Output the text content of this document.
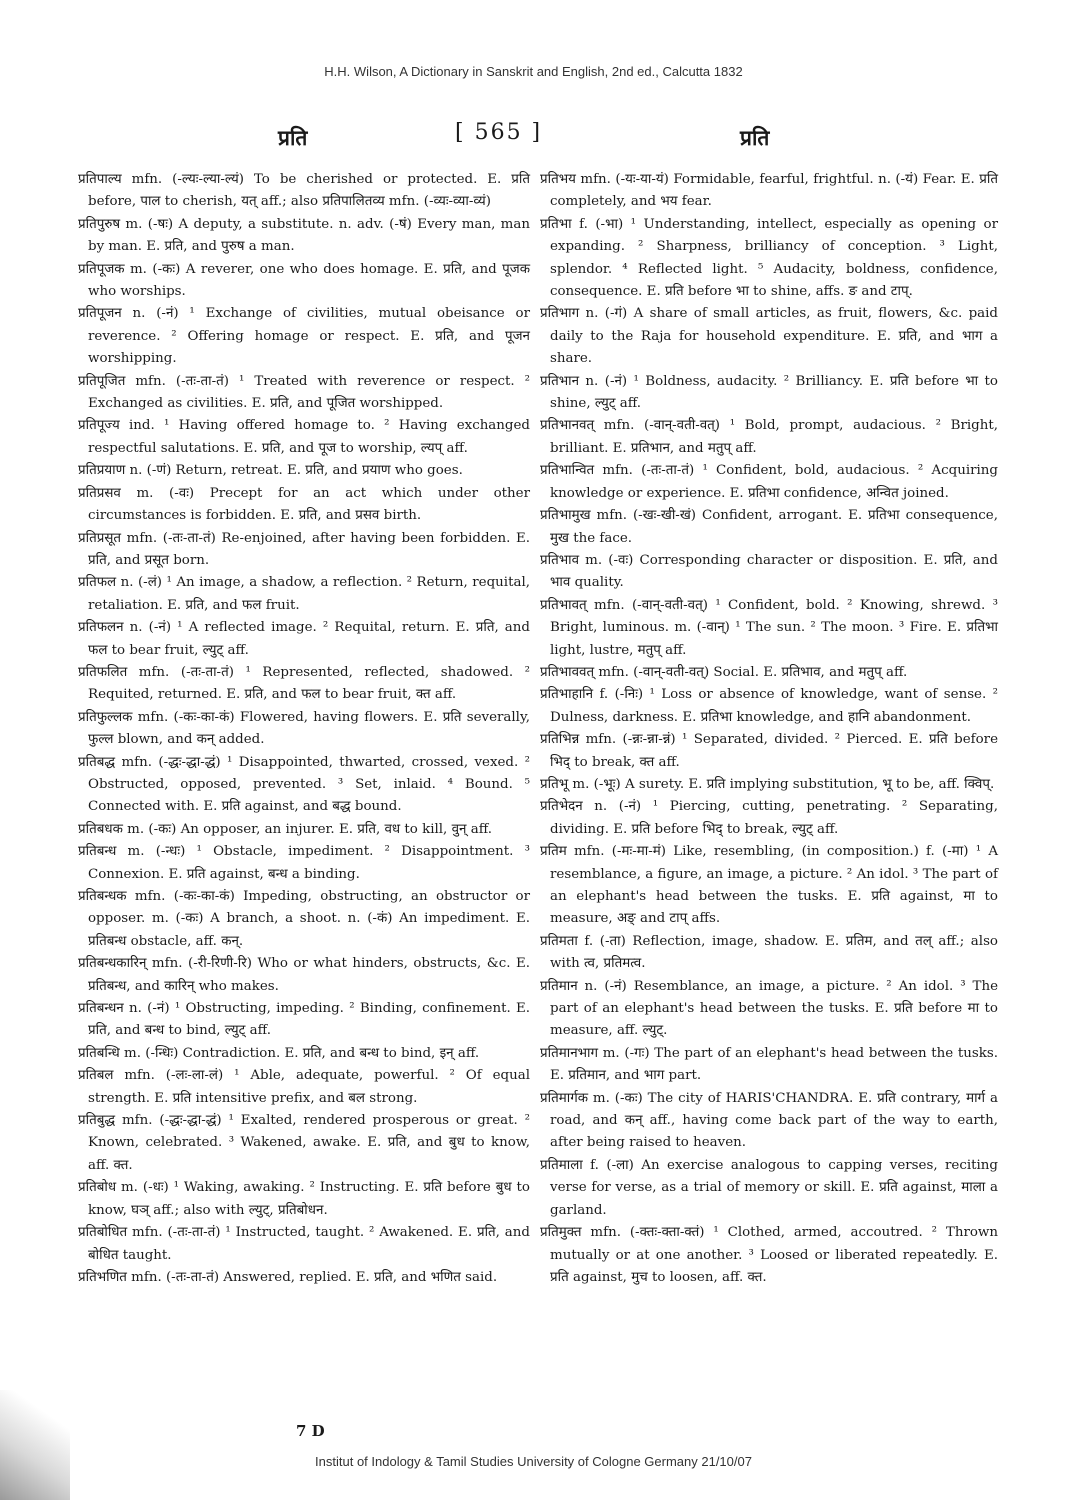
H.H. Wilson, A Dictionary in Sanskrit and English, 2nd ed., Calcutta 1832
प्रति	[ 565 ]	प्रति

प्रतिपाल्य mfn. (-ल्यः-ल्या-ल्यं) To be cherished or protected. E. प्रति before, पाल to cherish, यत् aff.; also प्रतिपालितव्य mfn. (-व्यः-व्या-व्यं)

प्रतिपुरुष m. (-षः) A deputy, a substitute. n. adv. (-षं) Every man, man by man. E. प्रति, and पुरुष a man.

प्रतिपूजक m. (-कः) A reverer, one who does homage. E. प्रति, and पूजक who worships.

प्रतिपूजन n. (-नं) ¹ Exchange of civilities, mutual obeisance or reverence. ² Offering homage or respect. E. प्रति, and पूजन worshipping.

प्रतिपूजित mfn. (-तः-ता-तं) ¹ Treated with reverence or respect. ² Exchanged as civilities. E. प्रति, and पूजित worshipped.

प्रतिपूज्य ind. ¹ Having offered homage to. ² Having exchanged respectful salutations. E. प्रति, and पूज to worship, ल्यप् aff.

प्रतिप्रयाण n. (-णं) Return, retreat. E. प्रति, and प्रयाण who goes.

प्रतिप्रसव m. (-वः) Precept for an act which under other circumstances is forbidden. E. प्रति, and प्रसव birth.

प्रतिप्रसूत mfn. (-तः-ता-तं) Re-enjoined, after having been forbidden. E. प्रति, and प्रसूत born.

प्रतिफल n. (-लं) ¹ An image, a shadow, a reflection. ² Return, requital, retaliation. E. प्रति, and फल fruit.

प्रतिफलन n. (-नं) ¹ A reflected image. ² Requital, return. E. प्रति, and फल to bear fruit, ल्युट् aff.

प्रतिफलित mfn. (-तः-ता-तं) ¹ Represented, reflected, shadowed. ² Requited, returned. E. प्रति, and फल to bear fruit, क्त aff.

प्रतिफुल्लक mfn. (-कः-का-कं) Flowered, having flowers. E. प्रति severally, फुल्ल blown, and कन् added.

प्रतिबद्ध mfn. (-द्धः-द्धा-द्धं) ¹ Disappointed, thwarted, crossed, vexed. ² Obstructed, opposed, prevented. ³ Set, inlaid. ⁴ Bound. ⁵ Connected with. E. प्रति against, and बद्ध bound.

प्रतिबधक m. (-कः) An opposer, an injurer. E. प्रति, वध to kill, वुन् aff.

प्रतिबन्ध m. (-न्धः) ¹ Obstacle, impediment. ² Disappointment. ³ Connexion. E. प्रति against, बन्ध a binding.

प्रतिबन्धक mfn. (-कः-का-कं) Impeding, obstructing, an obstructor or opposer. m. (-कः) A branch, a shoot. n. (-कं) An impediment. E. प्रतिबन्ध obstacle, aff. कन्.

प्रतिबन्धकारिन् mfn. (-री-रिणी-रि) Who or what hinders, obstructs, &c. E. प्रतिबन्ध, and कारिन् who makes.

प्रतिबन्धन n. (-नं) ¹ Obstructing, impeding. ² Binding, confinement. E. प्रति, and बन्ध to bind, ल्युट् aff.

प्रतिबन्धि m. (-न्धिः) Contradiction. E. प्रति, and बन्ध to bind, इन् aff.

प्रतिबल mfn. (-लः-ला-लं) ¹ Able, adequate, powerful. ² Of equal strength. E. प्रति intensitive prefix, and बल strong.

प्रतिबुद्ध mfn. (-द्धः-द्धा-द्धं) ¹ Exalted, rendered prosperous or great. ² Known, celebrated. ³ Wakened, awake. E. प्रति, and बुध to know, aff. क्त.

प्रतिबोध m. (-धः) ¹ Waking, awaking. ² Instructing. E. प्रति before बुध to know, घञ् aff.; also with ल्युट्, प्रतिबोधन.

प्रतिबोधित mfn. (-तः-ता-तं) ¹ Instructed, taught. ² Awakened. E. प्रति, and बोधित taught.

प्रतिभणित mfn. (-तः-ता-तं) Answered, replied. E. प्रति, and भणित said.

प्रतिभय mfn. (-यः-या-यं) Formidable, fearful, frightful. n. (-यं) Fear. E. प्रति completely, and भय fear.

प्रतिभा f. (-भा) ¹ Understanding, intellect, especially as opening or expanding. ² Sharpness, brilliancy of conception. ³ Light, splendor. ⁴ Reflected light. ⁵ Audacity, boldness, confidence, consequence. E. प्रति before भा to shine, affs. ङ and टाप्.

प्रतिभाग n. (-गं) A share of small articles, as fruit, flowers, &c. paid daily to the Raja for household expenditure. E. प्रति, and भाग a share.

प्रतिभान n. (-नं) ¹ Boldness, audacity. ² Brilliancy. E. प्रति before भा to shine, ल्युट् aff.

प्रतिभानवत् mfn. (-वान्-वती-वत्) ¹ Bold, prompt, audacious. ² Bright, brilliant. E. प्रतिभान, and मतुप् aff.

प्रतिभान्वित mfn. (-तः-ता-तं) ¹ Confident, bold, audacious. ² Acquiring knowledge or experience. E. प्रतिभा confidence, अन्वित joined.

प्रतिभामुख mfn. (-खः-खी-खं) Confident, arrogant. E. प्रतिभा consequence, मुख the face.

प्रतिभाव m. (-वः) Corresponding character or disposition. E. प्रति, and भाव quality.

प्रतिभावत् mfn. (-वान्-वती-वत्) ¹ Confident, bold. ² Knowing, shrewd. ³ Bright, luminous. m. (-वान्) ¹ The sun. ² The moon. ³ Fire. E. प्रतिभा light, lustre, मतुप् aff.

प्रतिभाववत् mfn. (-वान्-वती-वत्) Social. E. प्रतिभाव, and मतुप् aff.

प्रतिभाहानि f. (-निः) ¹ Loss or absence of knowledge, want of sense. ² Dulness, darkness. E. प्रतिभा knowledge, and हानि abandonment.

प्रतिभिन्न mfn. (-न्नः-न्ना-न्नं) ¹ Separated, divided. ² Pierced. E. प्रति before भिद् to break, क्त aff.

प्रतिभू m. (-भूः) A surety. E. प्रति implying substitution, भू to be, aff. क्विप्.

प्रतिभेदन n. (-नं) ¹ Piercing, cutting, penetrating. ² Separating, dividing. E. प्रति before भिद् to break, ल्युट् aff.

प्रतिम mfn. (-मः-मा-मं) Like, resembling, (in composition.) f. (-मा) ¹ A resemblance, a figure, an image, a picture. ² An idol. ³ The part of an elephant's head between the tusks. E. प्रति against, मा to measure, अङ् and टाप् affs.

प्रतिमता f. (-ता) Reflection, image, shadow. E. प्रतिम, and तल् aff.; also with त्व, प्रतिमत्व.

प्रतिमान n. (-नं) Resemblance, an image, a picture. ² An idol. ³ The part of an elephant's head between the tusks. E. प्रति before मा to measure, aff. ल्युट्.

प्रतिमानभाग m. (-गः) The part of an elephant's head between the tusks. E. प्रतिमान, and भाग part.

प्रतिमार्गक m. (-कः) The city of HARIS'CHANDRA. E. प्रति contrary, मार्ग a road, and कन् aff., having come back part of the way to earth, after being raised to heaven.

प्रतिमाला f. (-ला) An exercise analogous to capping verses, reciting verse for verse, as a trial of memory or skill. E. प्रति against, माला a garland.

प्रतिमुक्त mfn. (-क्तः-क्ता-क्तं) ¹ Clothed, armed, accoutred. ² Thrown mutually or at one another. ³ Loosed or liberated repeatedly. E. प्रति against, मुच to loosen, aff. क्त.

7 D
Institut of Indology & Tamil Studies University of Cologne Germany 21/10/07
